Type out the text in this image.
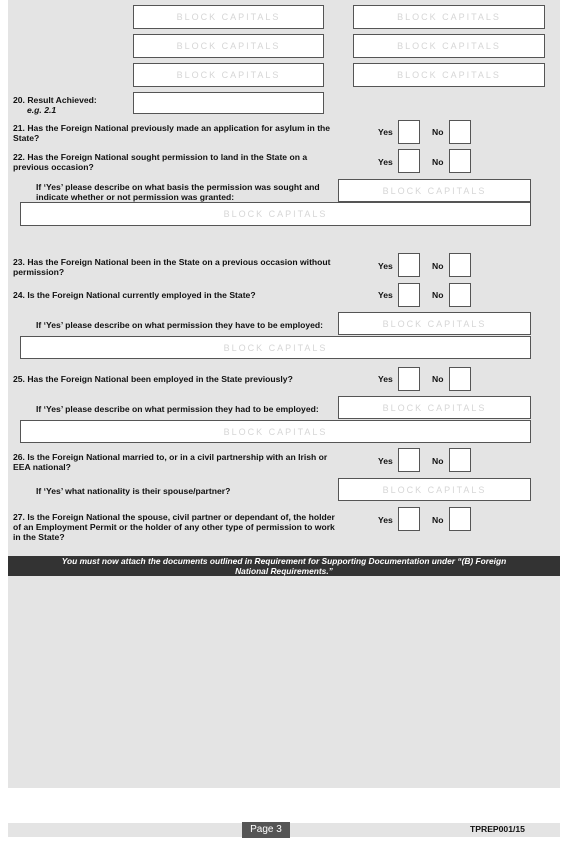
BLOCK CAPITALS	BLOCK CAPITALS
BLOCK CAPITALS	BLOCK CAPITALS
BLOCK CAPITALS	BLOCK CAPITALS
20. Result Achieved:
e.g. 2.1
21. Has the Foreign National previously made an application for asylum in the State?
Yes	No
22. Has the Foreign National sought permission to land in the State on a previous occasion?	Yes	No
If ‘Yes’ please describe on what basis the permission was sought and indicate whether or not permission was granted:
BLOCK CAPITALS
BLOCK CAPITALS
23. Has the Foreign National been in the State on a previous occasion without permission?
Yes	No
24. Is the Foreign National currently employed in the State?	Yes	No
If ‘Yes’ please describe on what permission they have to be employed:	BLOCK CAPITALS
BLOCK CAPITALS
25. Has the Foreign National been employed in the State previously?	Yes	No
If ‘Yes’ please describe on what permission they had to be employed:	BLOCK CAPITALS
BLOCK CAPITALS
26. Is the Foreign National married to, or in a civil partnership with an Irish or EEA national?
Yes	No
If ‘Yes’ what nationality is their spouse/partner?	BLOCK CAPITALS
27. Is the Foreign National the spouse, civil partner or dependant of, the holder of an Employment Permit or the holder of any other type of permission to work in the State?
Yes	No
You must now attach the documents outlined in Requirement for Supporting Documentation under “(B) Foreign National Requirements.”
Page 3	TPREP001/15
